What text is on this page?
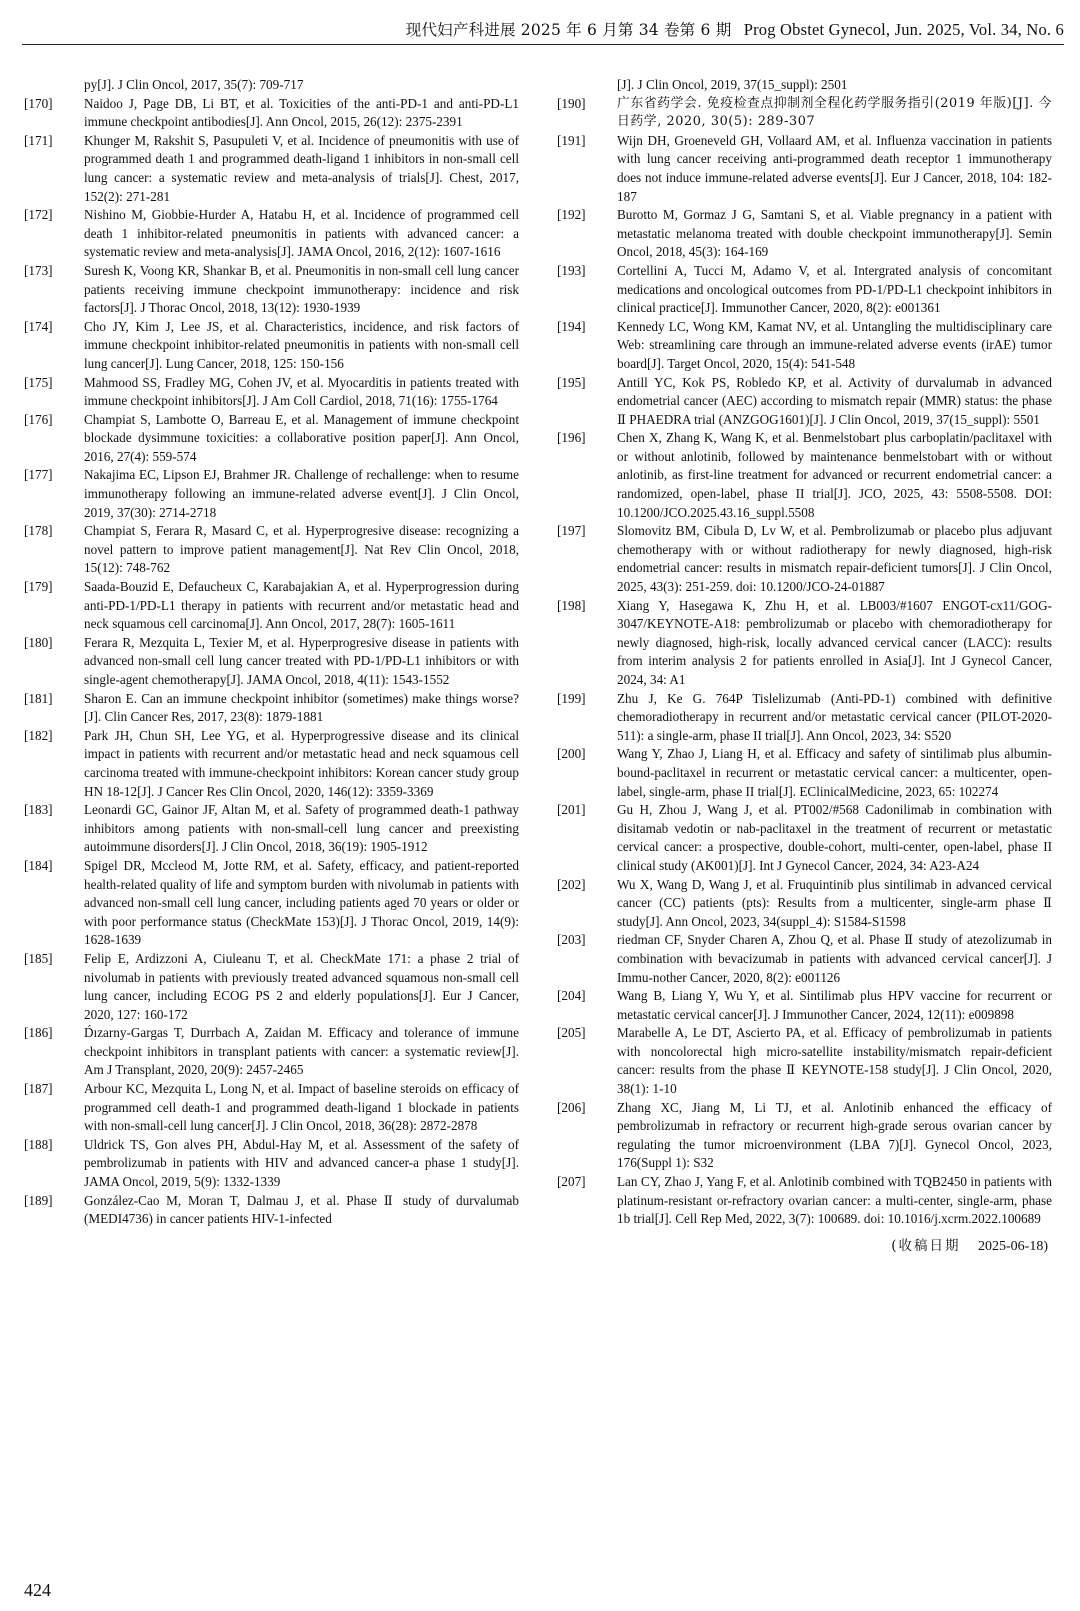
现代妇产科进展 2025 年 6 月第 34 卷第 6 期 Prog Obstet Gynecol, Jun. 2025, Vol. 34, No. 6
py[J]. J Clin Oncol, 2017, 35(7): 709-717
[170]	Naidoo J, Page DB, Li BT, et al. Toxicities of the anti-PD-1 and anti-PD-L1 immune checkpoint antibodies[J]. Ann Oncol, 2015, 26(12): 2375-2391
[171]	Khunger M, Rakshit S, Pasupuleti V, et al. Incidence of pneumonitis with use of programmed death 1 and programmed death-ligand 1 inhibitors in non-small cell lung cancer: a systematic review and meta-analysis of trials[J]. Chest, 2017, 152(2): 271-281
[172]	Nishino M, Giobbie-Hurder A, Hatabu H, et al. Incidence of programmed cell death 1 inhibitor-related pneumonitis in patients with advanced cancer: a systematic review and meta-analysis[J]. JAMA Oncol, 2016, 2(12): 1607-1616
[173]	Suresh K, Voong KR, Shankar B, et al. Pneumonitis in non-small cell lung cancer patients receiving immune checkpoint immunotherapy: incidence and risk factors[J]. J Thorac Oncol, 2018, 13(12): 1930-1939
[174]	Cho JY, Kim J, Lee JS, et al. Characteristics, incidence, and risk factors of immune checkpoint inhibitor-related pneumonitis in patients with non-small cell lung cancer[J]. Lung Cancer, 2018, 125: 150-156
[175]	Mahmood SS, Fradley MG, Cohen JV, et al. Myocarditis in patients treated with immune checkpoint inhibitors[J]. J Am Coll Cardiol, 2018, 71(16): 1755-1764
[176]	Champiat S, Lambotte O, Barreau E, et al. Management of immune checkpoint blockade dysimmune toxicities: a collaborative position paper[J]. Ann Oncol, 2016, 27(4): 559-574
[177]	Nakajima EC, Lipson EJ, Brahmer JR. Challenge of rechallenge: when to resume immunotherapy following an immune-related adverse event[J]. J Clin Oncol, 2019, 37(30): 2714-2718
[178]	Champiat S, Ferara R, Masard C, et al. Hyperprogresive disease: recognizing a novel pattern to improve patient management[J]. Nat Rev Clin Oncol, 2018, 15(12): 748-762
[179]	Saada-Bouzid E, Defaucheux C, Karabajakian A, et al. Hyperprogression during anti-PD-1/PD-L1 therapy in patients with recurrent and/or metastatic head and neck squamous cell carcinoma[J]. Ann Oncol, 2017, 28(7): 1605-1611
[180]	Ferara R, Mezquita L, Texier M, et al. Hyperprogresive disease in patients with advanced non-small cell lung cancer treated with PD-1/PD-L1 inhibitors or with single-agent chemotherapy[J]. JAMA Oncol, 2018, 4(11): 1543-1552
[181]	Sharon E. Can an immune checkpoint inhibitor (sometimes) make things worse? [J]. Clin Cancer Res, 2017, 23(8): 1879-1881
[182]	Park JH, Chun SH, Lee YG, et al. Hyperprogressive disease and its clinical impact in patients with recurrent and/or metastatic head and neck squamous cell carcinoma treated with immune-checkpoint inhibitors: Korean cancer study group HN 18-12[J]. J Cancer Res Clin Oncol, 2020, 146(12): 3359-3369
[183]	Leonardi GC, Gainor JF, Altan M, et al. Safety of programmed death-1 pathway inhibitors among patients with non-small-cell lung cancer and preexisting autoimmune disorders[J]. J Clin Oncol, 2018, 36(19): 1905-1912
[184]	Spigel DR, Mccleod M, Jotte RM, et al. Safety, efficacy, and patient-reported health-related quality of life and symptom burden with nivolumab in patients with advanced non-small cell lung cancer, including patients aged 70 years or older or with poor performance status (CheckMate 153)[J]. J Thorac Oncol, 2019, 14(9): 1628-1639
[185]	Felip E, Ardizzoni A, Ciuleanu T, et al. CheckMate 171: a phase 2 trial of nivolumab in patients with previously treated advanced squamous non-small cell lung cancer, including ECOG PS 2 and elderly populations[J]. Eur J Cancer, 2020, 127: 160-172
[186]	D́ızarny-Gargas T, Durrbach A, Zaidan M. Efficacy and tolerance of immune checkpoint inhibitors in transplant patients with cancer: a systematic review[J]. Am J Transplant, 2020, 20(9): 2457-2465
[187]	Arbour KC, Mezquita L, Long N, et al. Impact of baseline steroids on efficacy of programmed cell death-1 and programmed death-ligand 1 blockade in patients with non-small-cell lung cancer[J]. J Clin Oncol, 2018, 36(28): 2872-2878
[188]	Uldrick TS, Gon alves PH, Abdul-Hay M, et al. Assessment of the safety of pembrolizumab in patients with HIV and advanced cancer-a phase 1 study[J]. JAMA Oncol, 2019, 5(9): 1332-1339
[189]	González-Cao M, Moran T, Dalmau J, et al. Phase Ⅱ study of durvalumab (MEDI4736) in cancer patients HIV-1-infected
[J]. J Clin Oncol, 2019, 37(15_suppl): 2501
[190]	广东省药学会. 免疫检查点抑制剂全程化药学服务指引(2019 年版)[J]. 今日药学, 2020, 30(5): 289-307
[191]	Wijn DH, Groeneveld GH, Vollaard AM, et al. Influenza vaccination in patients with lung cancer receiving anti-programmed death receptor 1 immunotherapy does not induce immune-related adverse events[J]. Eur J Cancer, 2018, 104: 182-187
[192]	Burotto M, Gormaz J G, Samtani S, et al. Viable pregnancy in a patient with metastatic melanoma treated with double checkpoint immunotherapy[J]. Semin Oncol, 2018, 45(3): 164-169
[193]	Cortellini A, Tucci M, Adamo V, et al. Intergrated analysis of concomitant medications and oncological outcomes from PD-1/PD-L1 checkpoint inhibitors in clinical practice[J]. Immunother Cancer, 2020, 8(2): e001361
[194]	Kennedy LC, Wong KM, Kamat NV, et al. Untangling the multidisciplinary care Web: streamlining care through an immune-related adverse events (irAE) tumor board[J]. Target Oncol, 2020, 15(4): 541-548
[195]	Antill YC, Kok PS, Robledo KP, et al. Activity of durvalumab in advanced endometrial cancer (AEC) according to mismatch repair (MMR) status: the phase Ⅱ PHAEDRA trial (ANZGOG1601)[J]. J Clin Oncol, 2019, 37(15_suppl): 5501
[196]	Chen X, Zhang K, Wang K, et al. Benmelstobart plus carboplatin/paclitaxel with or without anlotinib, followed by maintenance benmelstobart with or without anlotinib, as first-line treatment for advanced or recurrent endometrial cancer: a randomized, open-label, phase II trial[J]. JCO, 2025, 43: 5508-5508. DOI: 10.1200/JCO.2025.43.16_suppl.5508
[197]	Slomovitz BM, Cibula D, Lv W, et al. Pembrolizumab or placebo plus adjuvant chemotherapy with or without radiotherapy for newly diagnosed, high-risk endometrial cancer: results in mismatch repair-deficient tumors[J]. J Clin Oncol, 2025, 43(3): 251-259. doi: 10.1200/JCO-24-01887
[198]	Xiang Y, Hasegawa K, Zhu H, et al. LB003/#1607 ENGOT-cx11/GOG-3047/KEYNOTE-A18: pembrolizumab or placebo with chemoradiotherapy for newly diagnosed, high-risk, locally advanced cervical cancer (LACC): results from interim analysis 2 for patients enrolled in Asia[J]. Int J Gynecol Cancer, 2024, 34: A1
[199]	Zhu J, Ke G. 764P Tislelizumab (Anti-PD-1) combined with definitive chemoradiotherapy in recurrent and/or metastatic cervical cancer (PILOT-2020-511): a single-arm, phase II trial[J]. Ann Oncol, 2023, 34: S520
[200]	Wang Y, Zhao J, Liang H, et al. Efficacy and safety of sintilimab plus albumin-bound-paclitaxel in recurrent or metastatic cervical cancer: a multicenter, open-label, single-arm, phase II trial[J]. EClinicalMedicine, 2023, 65: 102274
[201]	Gu H, Zhou J, Wang J, et al. PT002/#568 Cadonilimab in combination with disitamab vedotin or nab-paclitaxel in the treatment of recurrent or metastatic cervical cancer: a prospective, double-cohort, multi-center, open-label, phase II clinical study (AK001)[J]. Int J Gynecol Cancer, 2024, 34: A23-A24
[202]	Wu X, Wang D, Wang J, et al. Fruquintinib plus sintilimab in advanced cervical cancer (CC) patients (pts): Results from a multicenter, single-arm phase Ⅱ study[J]. Ann Oncol, 2023, 34(suppl_4): S1584-S1598
[203]	riedman CF, Snyder Charen A, Zhou Q, et al. Phase Ⅱ study of atezolizumab in combination with bevacizumab in patients with advanced cervical cancer[J]. J Immu-nother Cancer, 2020, 8(2): e001126
[204]	Wang B, Liang Y, Wu Y, et al. Sintilimab plus HPV vaccine for recurrent or metastatic cervical cancer[J]. J Immunother Cancer, 2024, 12(11): e009898
[205]	Marabelle A, Le DT, Ascierto PA, et al. Efficacy of pembrolizumab in patients with noncolorectal high micro-satellite instability/mismatch repair-deficient cancer: results from the phase Ⅱ KEYNOTE-158 study[J]. J Clin Oncol, 2020, 38(1): 1-10
[206]	Zhang XC, Jiang M, Li TJ, et al. Anlotinib enhanced the efficacy of pembrolizumab in refractory or recurrent high-grade serous ovarian cancer by regulating the tumor microenvironment (LBA 7)[J]. Gynecol Oncol, 2023, 176(Suppl 1): S32
[207]	Lan CY, Zhao J, Yang F, et al. Anlotinib combined with TQB2450 in patients with platinum-resistant or-refractory ovarian cancer: a multi-center, single-arm, phase 1b trial[J]. Cell Rep Med, 2022, 3(7): 100689. doi: 10.1016/j.xcrm.2022.100689
(收稿日期 2025-06-18)
424
